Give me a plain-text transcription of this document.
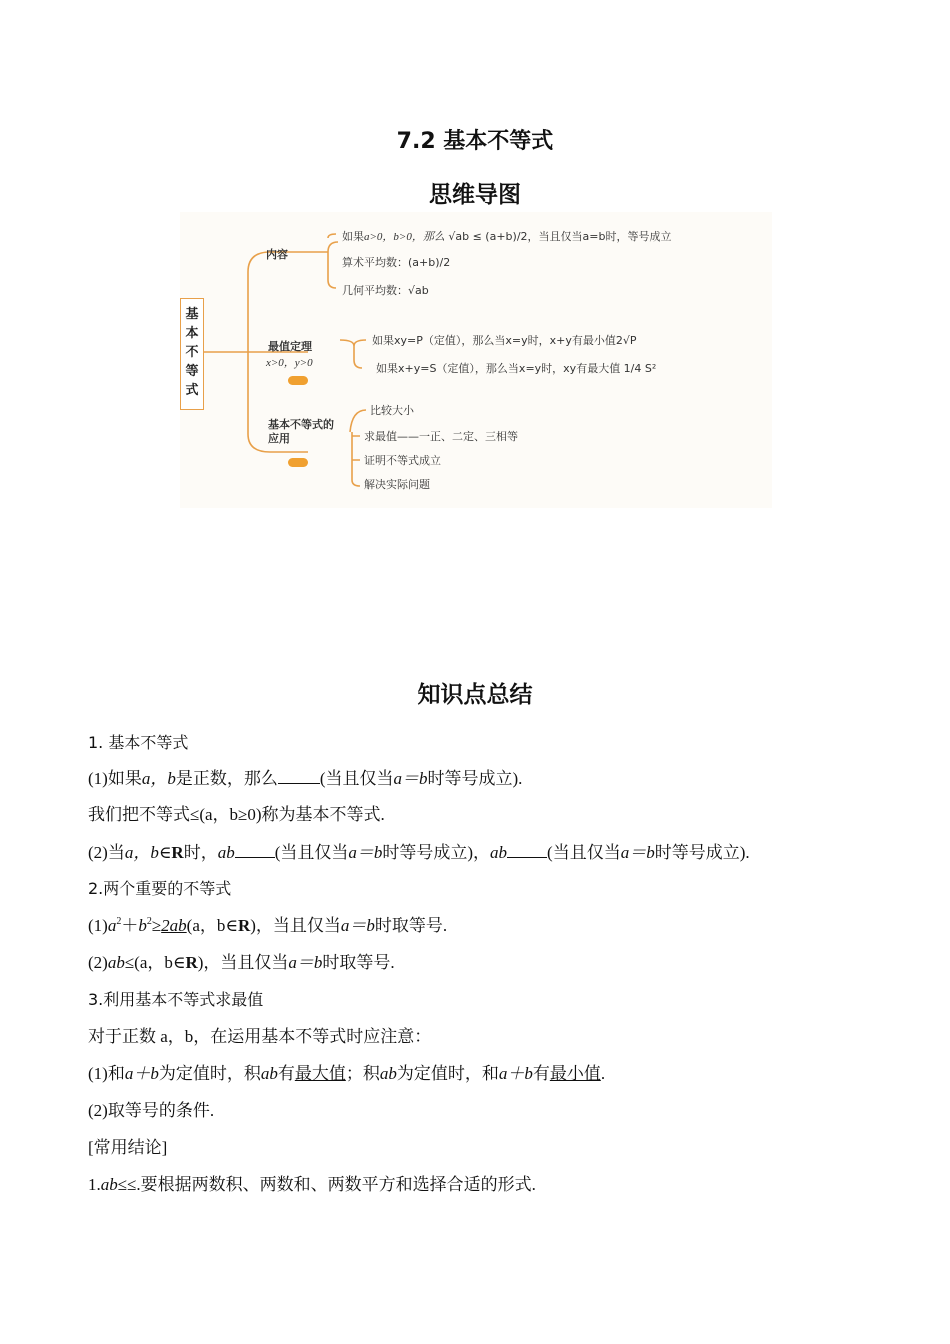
7.2 基本不等式
思维导图
基本不等式
内容
如果a>0，b>0，那么 √ab ≤ (a+b)/2，当且仅当a=b时，等号成立
算术平均数：(a+b)/2
几何平均数：√ab
最值定理
x>0，y>0
如果xy=P（定值），那么当x=y时，x+y有最小值2√P
如果x+y=S（定值），那么当x=y时，xy有最大值 1/4 S²
基本不等式的应用
比较大小
求最值——一正、二定、三相等
证明不等式成立
解决实际问题
知识点总结
1. 基本不等式
(1)如果a，b是正数，那么 (当且仅当a＝b时等号成立).
我们把不等式≤(a，b≥0)称为基本不等式.
(2)当a，b∈R时，ab (当且仅当a＝b时等号成立)，ab (当且仅当a＝b时等号成立).
2.两个重要的不等式
$(1)a^2+b^2\ge 2ab(a$，b∈R)，当且仅当a＝b时取等号.
(2)ab≤(a，b∈R)，当且仅当a＝b时取等号.
3.利用基本不等式求最值
对于正数 a，b，在运用基本不等式时应注意：
(1)和a＋b为定值时，积ab有最大值；积ab为定值时，和a＋b有最小值.
(2)取等号的条件.
[常用结论]
1.ab≤≤.要根据两数积、两数和、两数平方和选择合适的形式.
